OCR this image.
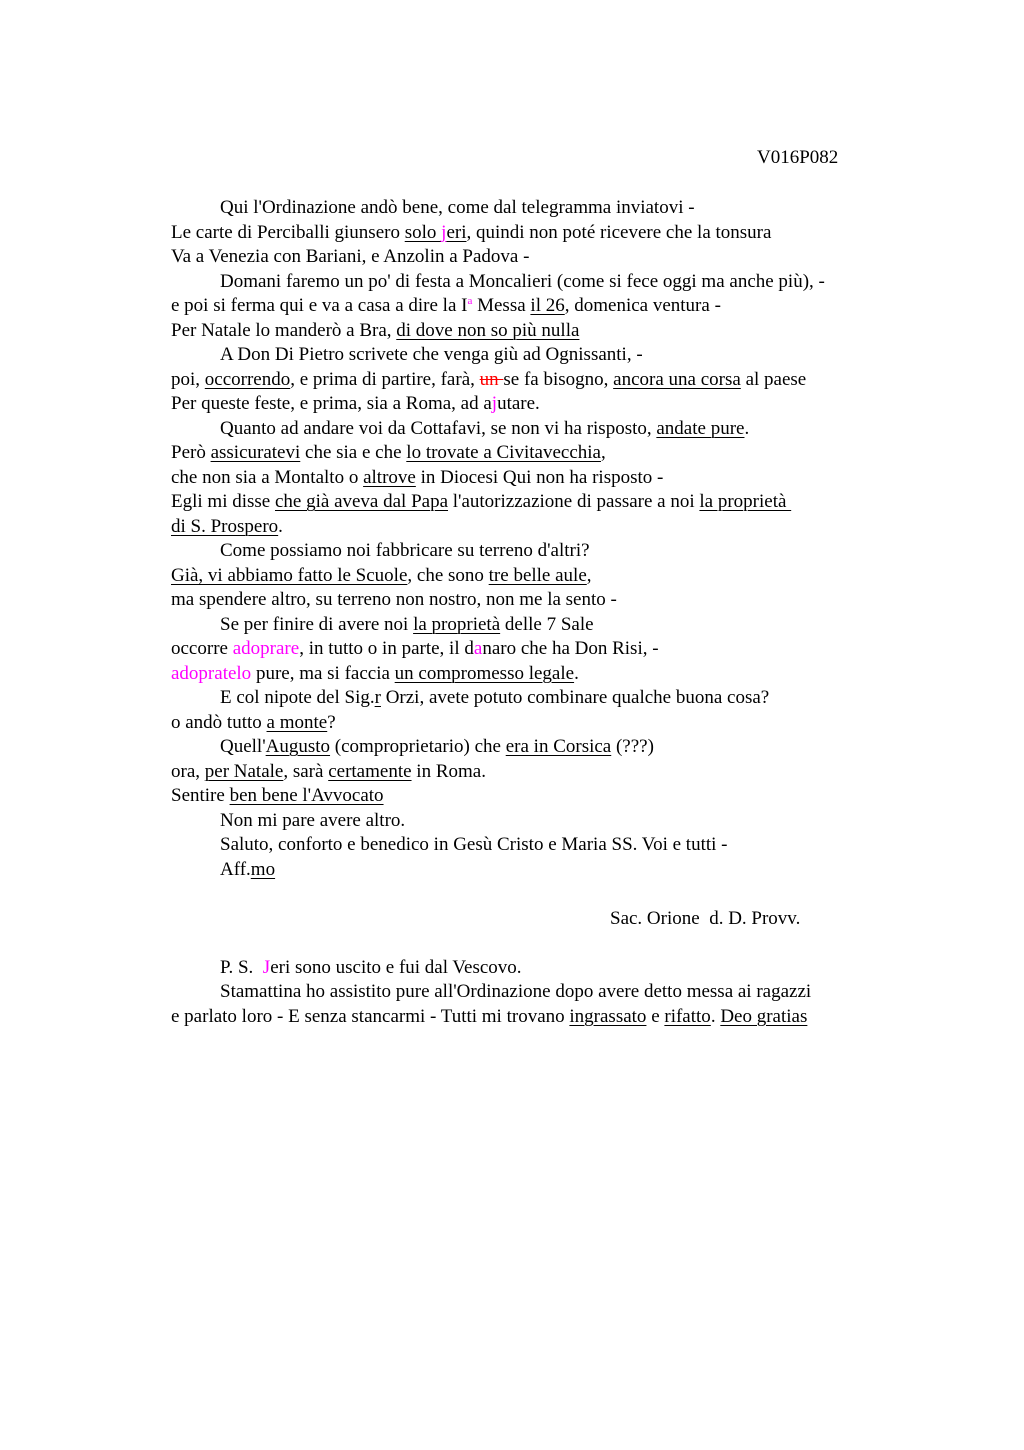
V016P082
Qui l'Ordinazione andò bene, come dal telegramma inviatovi -
Le carte di Perciballi giunsero solo jeri, quindi non poté ricevere che la tonsura
Va a Venezia con Bariani, e Anzolin a Padova -
Domani faremo un po' di festa a Moncalieri (come si fece oggi ma anche più), -
e poi si ferma qui e va a casa a dire la $I^a$ Messa il 26, domenica ventura -
Per Natale lo manderò a Bra, di dove non so più nulla
A Don Di Pietro scrivete che venga giù ad Ognissanti, -
poi, occorrendo, e prima di partire, farà, un se fa bisogno, ancora una corsa al paese
Per queste feste, e prima, sia a Roma, ad ajutare.
Quanto ad andare voi da Cottafavi, se non vi ha risposto, andate pure.
Però assicuratevi che sia e che lo trovate a Civitavecchia,
che non sia a Montalto o altrove in Diocesi Qui non ha risposto -
Egli mi disse che già aveva dal Papa l'autorizzazione di passare a noi la proprietà
di S. Prospero.
Come possiamo noi fabbricare su terreno d'altri?
Già, vi abbiamo fatto le Scuole, che sono tre belle aule,
ma spendere altro, su terreno non nostro, non me la sento -
Se per finire di avere noi la proprietà delle 7 Sale
occorre adoprare, in tutto o in parte, il danaro che ha Don Risi, -
adopratelo pure, ma si faccia un compromesso legale.
E col nipote del Sig.r Orzi, avete potuto combinare qualche buona cosa?
o andò tutto a monte?
Quell'Augusto (comproprietario) che era in Corsica (???)
ora, per Natale, sarà certamente in Roma.
Sentire ben bene l'Avvocato
Non mi pare avere altro.
Saluto, conforto e benedico in Gesù Cristo e Maria SS. Voi e tutti -
Aff.mo
Sac. Orione  d. D. Provv.
P. S.  Jeri sono uscito e fui dal Vescovo.
Stamattina ho assistito pure all'Ordinazione dopo avere detto messa ai ragazzi
e parlato loro - E senza stancarmi - Tutti mi trovano ingrassato e rifatto. Deo gratias
